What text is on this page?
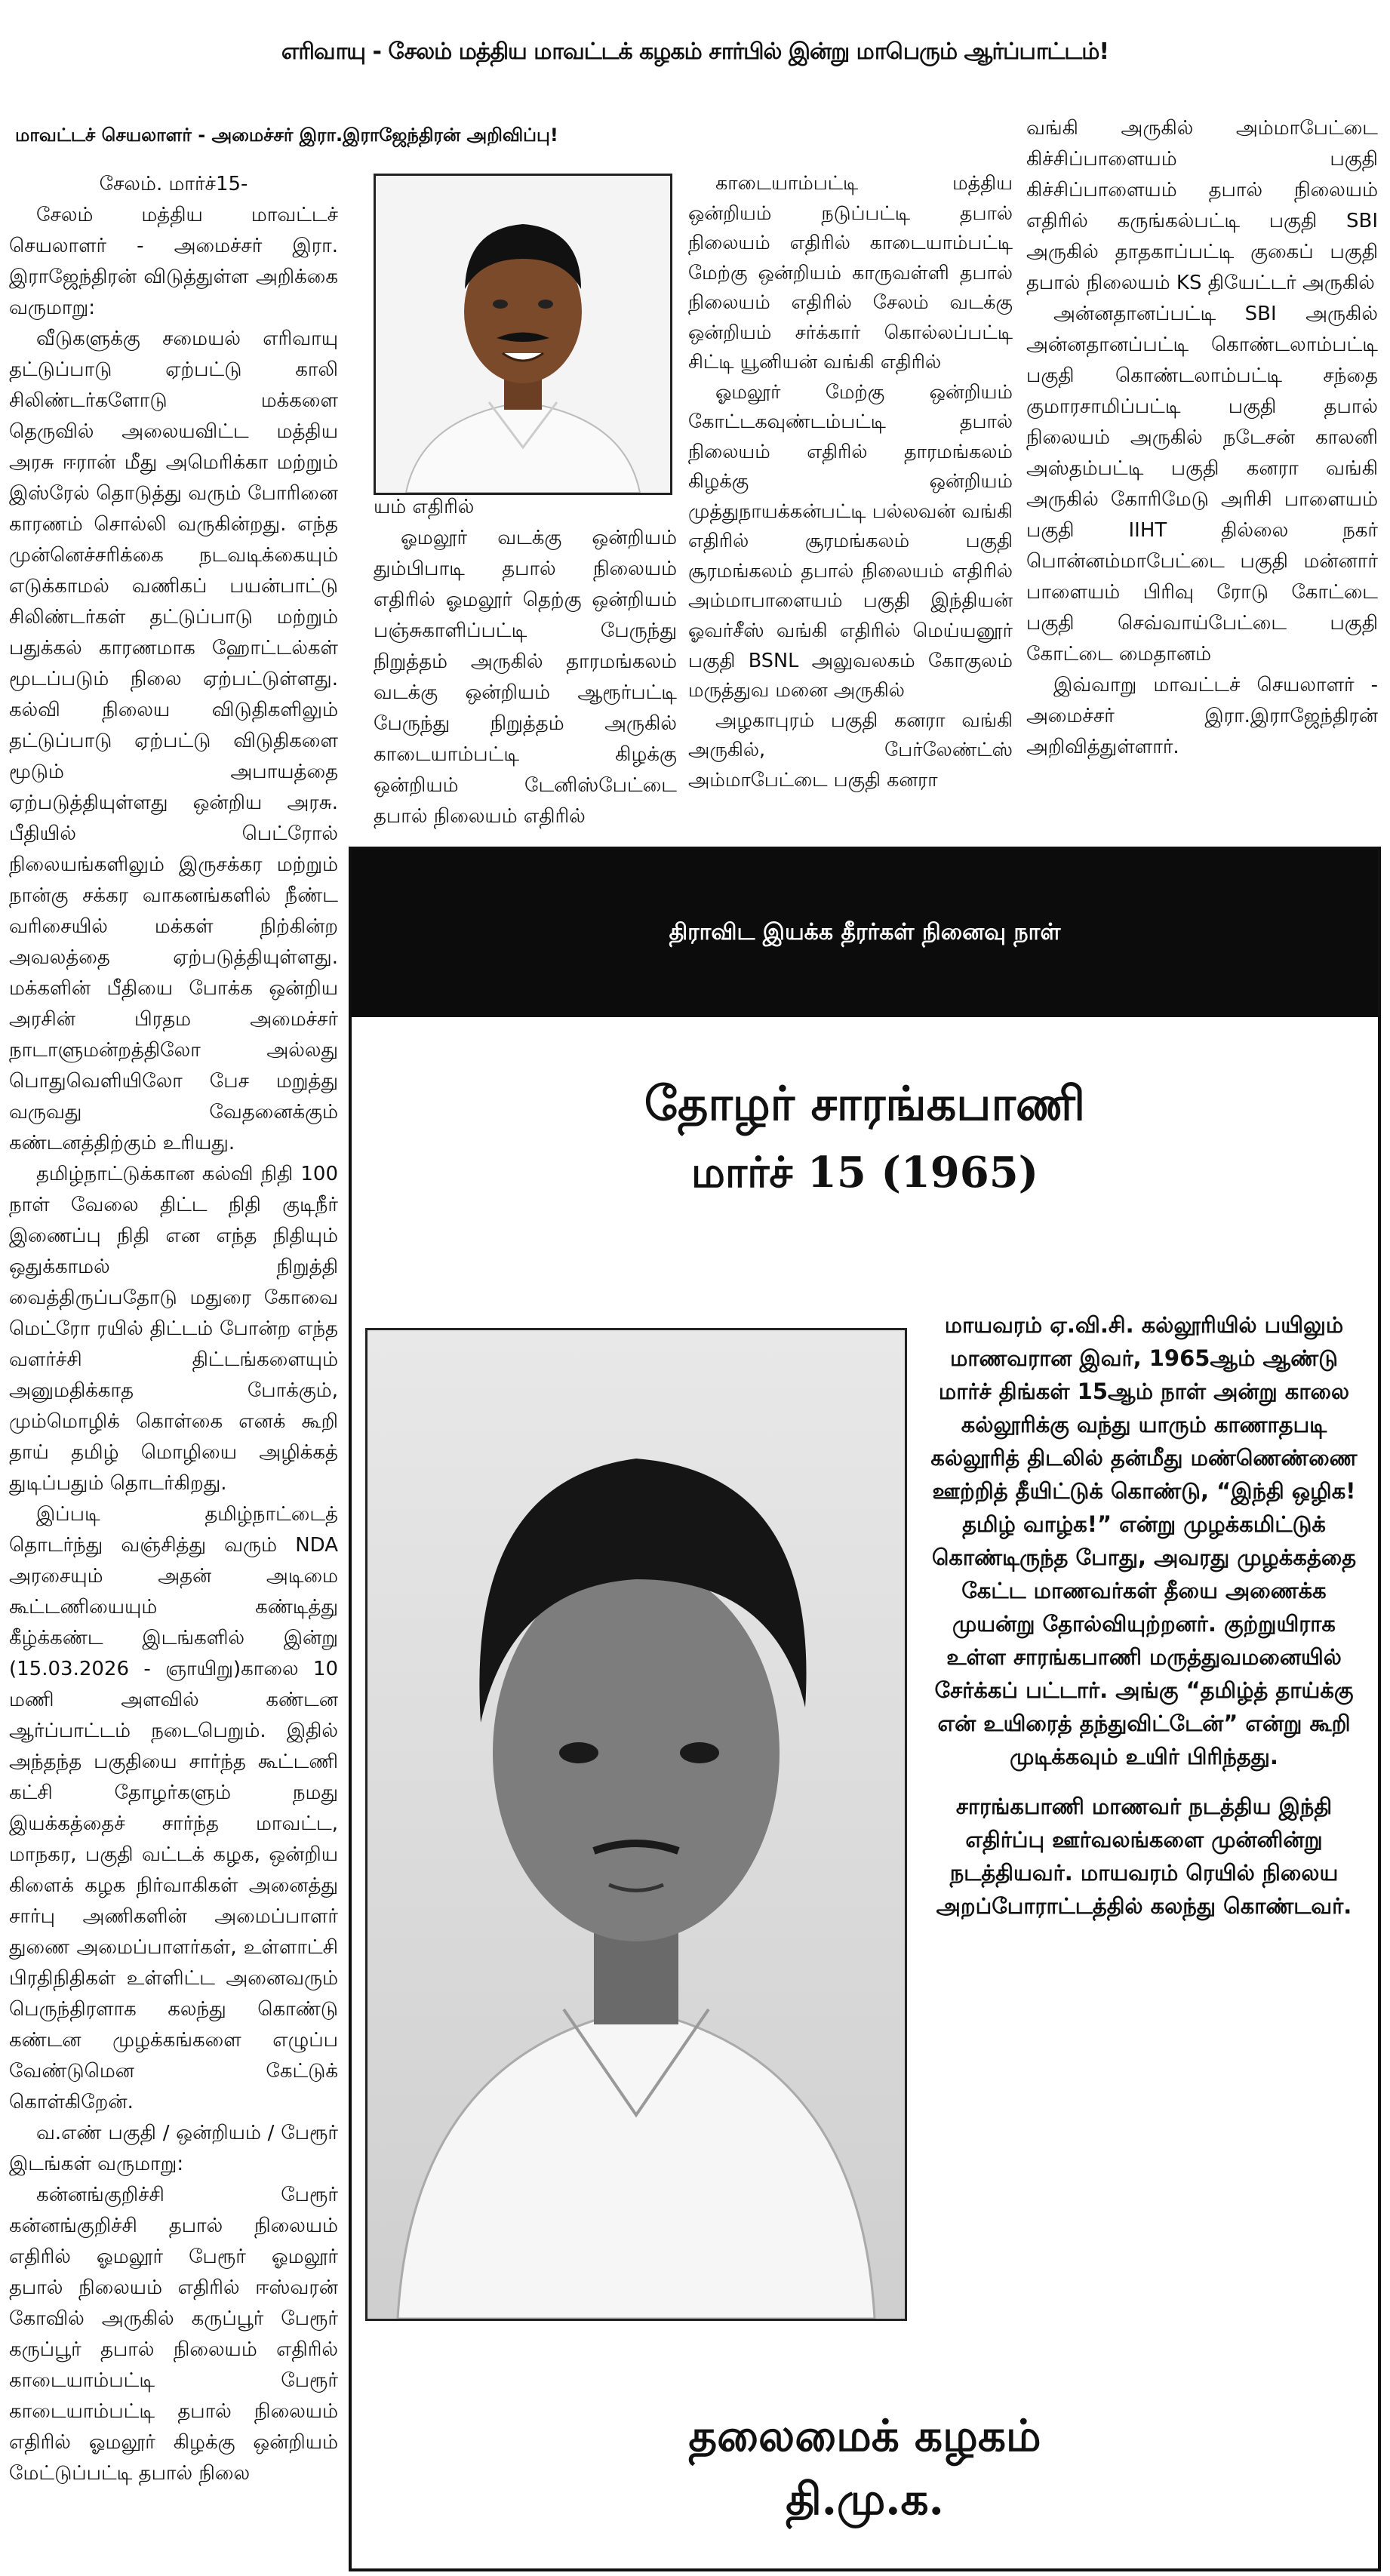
எரிவாயு - சேலம் மத்திய மாவட்டக் கழகம் சார்பில் இன்று மாபெரும் ஆர்ப்பாட்டம்!
மாவட்டச் செயலாளர் - அமைச்சர் இரா.இராஜேந்திரன் அறிவிப்பு!

சேலம். மார்ச்15-

சேலம் மத்திய மாவட்டச் செயலாளர் - அமைச்சர் இரா. இராஜேந்திரன் விடுத்துள்ள அறிக்கை வருமாறு:

வீடுகளுக்கு சமையல் எரிவாயு தட்டுப்பாடு ஏற்பட்டு காலி சிலிண்டர்களோடு மக்களை தெருவில் அலையவிட்ட மத்திய அரசு ஈரான் மீது அமெரிக்கா மற்றும் இஸ்ரேல் தொடுத்து வரும் போரினை காரணம் சொல்லி வருகின்றது. எந்த முன்னெச்சரிக்கை நடவடிக்கையும் எடுக்காமல் வணிகப் பயன்பாட்டு சிலிண்டர்கள் தட்டுப்பாடு மற்றும் பதுக்கல் காரணமாக ஹோட்டல்கள் மூடப்படும் நிலை ஏற்பட்டுள்ளது. கல்வி நிலைய விடுதிகளிலும் தட்டுப்பாடு ஏற்பட்டு விடுதிகளை மூடும் அபாயத்தை ஏற்படுத்தியுள்ளது ஒன்றிய அரசு. பீதியில் பெட்ரோல் நிலையங்களிலும் இருசக்கர மற்றும் நான்கு சக்கர வாகனங்களில் நீண்ட வரிசையில் மக்கள் நிற்கின்ற அவலத்தை ஏற்படுத்தியுள்ளது. மக்களின் பீதியை போக்க ஒன்றிய அரசின் பிரதம அமைச்சர் நாடாளுமன்றத்திலோ அல்லது பொதுவெளியிலோ பேச மறுத்து வருவது வேதனைக்கும் கண்டனத்திற்கும் உரியது.

தமிழ்நாட்டுக்கான கல்வி நிதி 100 நாள் வேலை திட்ட நிதி குடிநீர் இணைப்பு நிதி என எந்த நிதியும் ஒதுக்காமல் நிறுத்தி வைத்திருப்பதோடு மதுரை கோவை மெட்ரோ ரயில் திட்டம் போன்ற எந்த வளர்ச்சி திட்டங்களையும் அனுமதிக்காத போக்கும், மும்மொழிக் கொள்கை எனக் கூறி தாய் தமிழ் மொழியை அழிக்கத் துடிப்பதும் தொடர்கிறது.

இப்படி தமிழ்நாட்டைத் தொடர்ந்து வஞ்சித்து வரும் NDA அரசையும் அதன் அடிமை கூட்டணியையும் கண்டித்து கீழ்க்கண்ட இடங்களில் இன்று (15.03.2026 - ஞாயிறு)காலை 10 மணி அளவில் கண்டன ஆர்ப்பாட்டம் நடைபெறும். இதில் அந்தந்த பகுதியை சார்ந்த கூட்டணி கட்சி தோழர்களும் நமது இயக்கத்தைச் சார்ந்த மாவட்ட, மாநகர, பகுதி வட்டக் கழக, ஒன்றிய கிளைக் கழக நிர்வாகிகள் அனைத்து சார்பு அணிகளின் அமைப்பாளர் துணை அமைப்பாளர்கள், உள்ளாட்சி பிரதிநிதிகள் உள்ளிட்ட அனைவரும் பெருந்திரளாக கலந்து கொண்டு கண்டன முழக்கங்களை எழுப்ப வேண்டுமென கேட்டுக் கொள்கிறேன்.

வ.எண் பகுதி / ஒன்றியம் / பேரூர் இடங்கள் வருமாறு:

கன்னங்குறிச்சி பேரூர் கன்னங்குறிச்சி தபால் நிலையம் எதிரில் ஓமலூர் பேரூர் ஓமலூர் தபால் நிலையம் எதிரில் ஈஸ்வரன் கோவில் அருகில் கருப்பூர் பேரூர் கருப்பூர் தபால் நிலையம் எதிரில் காடையாம்பட்டி பேரூர் காடையாம்பட்டி தபால் நிலையம் எதிரில் ஓமலூர் கிழக்கு ஒன்றியம் மேட்டுப்பட்டி தபால் நிலை

யம் எதிரில்

ஓமலூர் வடக்கு ஒன்றியம் தும்பிபாடி தபால் நிலையம் எதிரில் ஓமலூர் தெற்கு ஒன்றியம் பஞ்சுகாளிப்பட்டி பேருந்து நிறுத்தம் அருகில் தாரமங்கலம் வடக்கு ஒன்றியம் ஆரூர்பட்டி பேருந்து நிறுத்தம் அருகில் காடையாம்பட்டி கிழக்கு ஒன்றியம் டேனிஸ்பேட்டை தபால் நிலையம் எதிரில்

காடையாம்பட்டி மத்திய ஒன்றியம் நடுப்பட்டி தபால் நிலையம் எதிரில் காடையாம்பட்டி மேற்கு ஒன்றியம் காருவள்ளி தபால் நிலையம் எதிரில் சேலம் வடக்கு ஒன்றியம் சர்க்கார் கொல்லப்பட்டி சிட்டி யூனியன் வங்கி எதிரில்

ஓமலூர் மேற்கு ஒன்றியம் கோட்டகவுண்டம்பட்டி தபால் நிலையம் எதிரில் தாரமங்கலம் கிழக்கு ஒன்றியம் முத்துநாயக்கன்பட்டி பல்லவன் வங்கி எதிரில் சூரமங்கலம் பகுதி சூரமங்கலம் தபால் நிலையம் எதிரில் அம்மாபாளையம் பகுதி இந்தியன் ஓவர்சீஸ் வங்கி எதிரில் மெய்யனூர் பகுதி BSNL அலுவலகம் கோகுலம் மருத்துவ மனை அருகில்

அழகாபுரம் பகுதி கனரா வங்கி அருகில், பேர்லேண்ட்ஸ் அம்மாபேட்டை பகுதி கனரா

வங்கி அருகில் அம்மாபேட்டை கிச்சிப்பாளையம் பகுதி கிச்சிப்பாளையம் தபால் நிலையம் எதிரில் கருங்கல்பட்டி பகுதி SBI அருகில் தாதகாப்பட்டி குகைப் பகுதி தபால் நிலையம் KS தியேட்டர் அருகில்

அன்னதானப்பட்டி SBI அருகில் அன்னதானப்பட்டி கொண்டலாம்பட்டி பகுதி கொண்டலாம்பட்டி சந்தை குமாரசாமிப்பட்டி பகுதி தபால் நிலையம் அருகில் நடேசன் காலனி அஸ்தம்பட்டி பகுதி கனரா வங்கி அருகில் கோரிமேடு அரிசி பாளையம் பகுதி IIHT தில்லை நகர் பொன்னம்மாபேட்டை பகுதி மன்னார் பாளையம் பிரிவு ரோடு கோட்டை பகுதி செவ்வாய்பேட்டை பகுதி கோட்டை மைதானம்

இவ்வாறு மாவட்டச் செயலாளர் - அமைச்சர் இரா.இராஜேந்திரன் அறிவித்துள்ளார்.

திராவிட இயக்க தீரர்கள் நினைவு நாள்
தோழர் சாரங்கபாணி
மார்ச் 15 (1965)

மாயவரம் ஏ.வி.சி. கல்லூரியில் பயிலும் மாணவரான இவர், 1965ஆம் ஆண்டு மார்ச் திங்கள் 15ஆம் நாள் அன்று காலை கல்லூரிக்கு வந்து யாரும் காணாதபடி கல்லூரித் திடலில் தன்மீது மண்ணெண்ணை ஊற்றித் தீயிட்டுக் கொண்டு, “இந்தி ஒழிக! தமிழ் வாழ்க!” என்று முழக்கமிட்டுக் கொண்டிருந்த போது, அவரது முழக்கத்தை கேட்ட மாணவர்கள் தீயை அணைக்க முயன்று தோல்வியுற்றனர். குற்றுயிராக உள்ள சாரங்கபாணி மருத்துவமனையில் சேர்க்கப் பட்டார். அங்கு “தமிழ்த் தாய்க்கு என் உயிரைத் தந்துவிட்டேன்” என்று கூறி முடிக்கவும் உயிர் பிரிந்தது.

சாரங்கபாணி மாணவர் நடத்திய இந்தி எதிர்ப்பு ஊர்வலங்களை முன்னின்று நடத்தியவர். மாயவரம் ரெயில் நிலைய அறப்போராட்டத்தில் கலந்து கொண்டவர்.

தலைமைக் கழகம்
தி.மு.க.
